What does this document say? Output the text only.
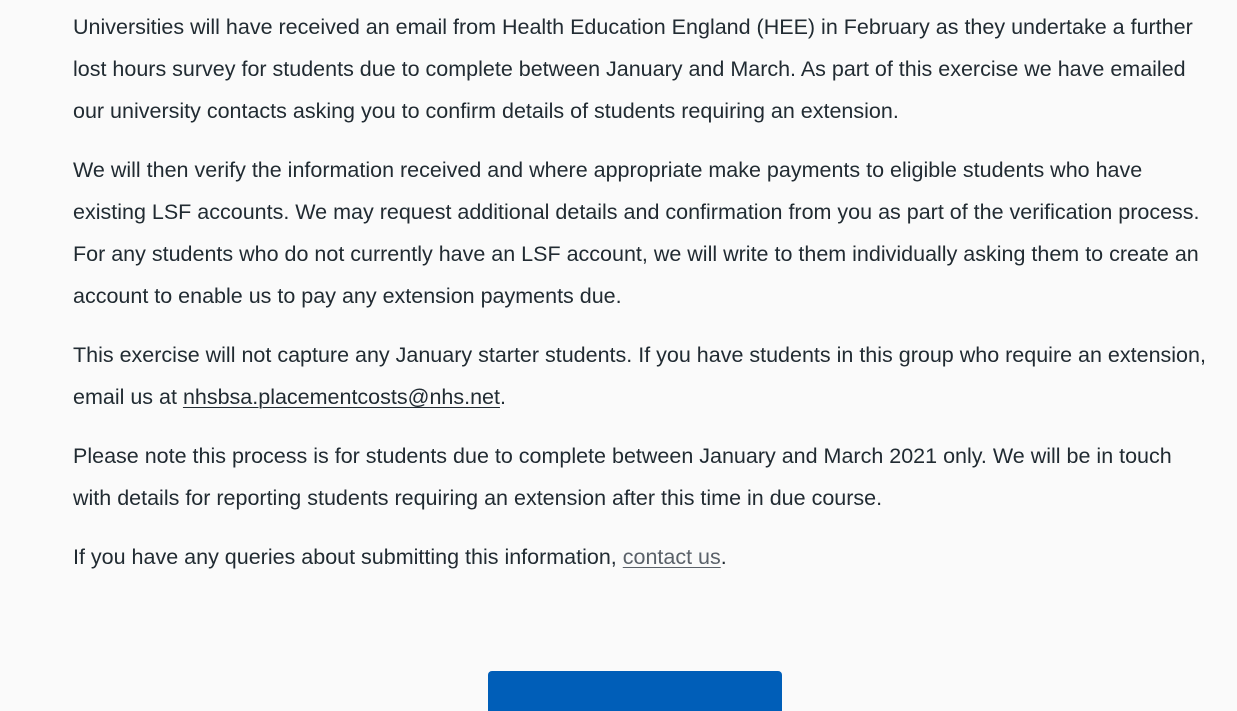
Universities will have received an email from Health Education England (HEE) in February as they undertake a further lost hours survey for students due to complete between January and March. As part of this exercise we have emailed our university contacts asking you to confirm details of students requiring an extension.

We will then verify the information received and where appropriate make payments to eligible students who have existing LSF accounts. We may request additional details and confirmation from you as part of the verification process. For any students who do not currently have an LSF account, we will write to them individually asking them to create an account to enable us to pay any extension payments due.

This exercise will not capture any January starter students. If you have students in this group who require an extension, email us at nhsbsa.placementcosts@nhs.net.

Please note this process is for students due to complete between January and March 2021 only. We will be in touch with details for reporting students requiring an extension after this time in due course.

If you have any queries about submitting this information, contact us.
